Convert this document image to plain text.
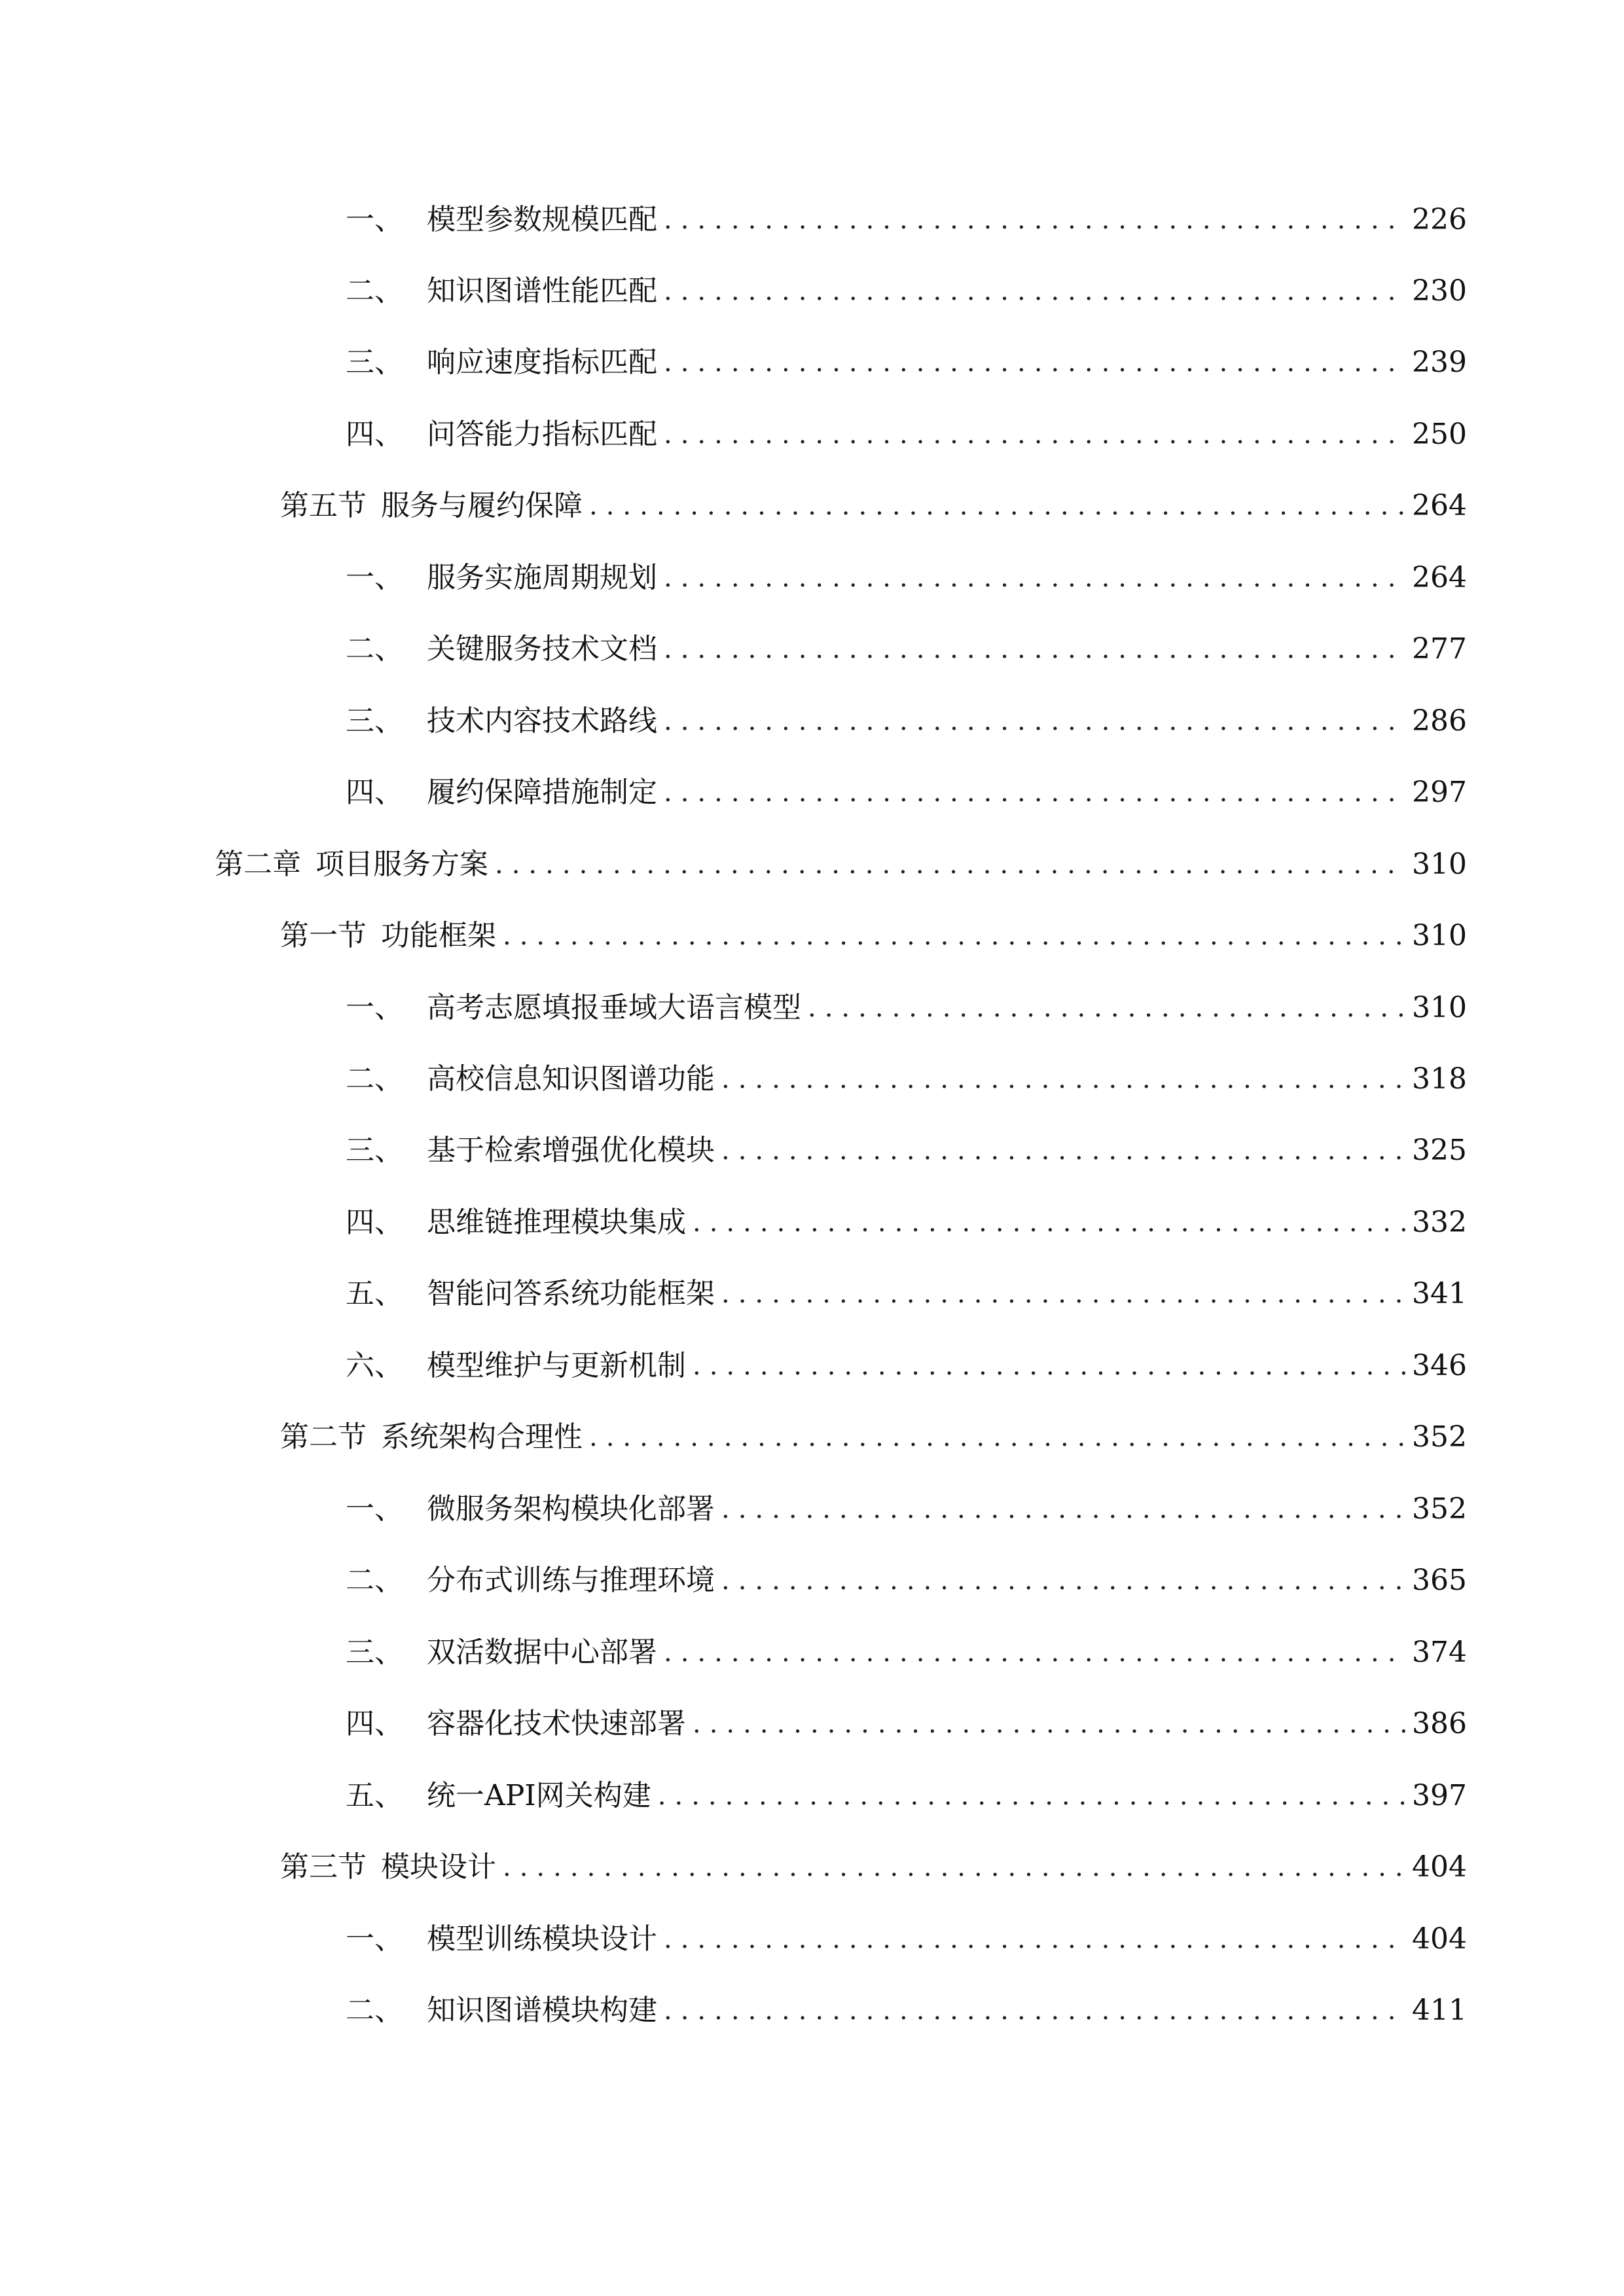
一、 模型参数规模匹配 .....	226
二、 知识图谱性能匹配 .....	230
三、 响应速度指标匹配 .....	239
四、 问答能力指标匹配 .....	250
第五节 服务与履约保障 .....	264
一、 服务实施周期规划 .....	264
二、 关键服务技术文档 .....	277
三、 技术内容技术路线 .....	286
四、 履约保障措施制定 .....	297
第二章 项目服务方案 .....	310
第一节 功能框架 .....	310
一、 高考志愿填报垂域大语言模型 .....	310
二、 高校信息知识图谱功能 .....	318
三、 基于检索增强优化模块 .....	325
四、 思维链推理模块集成 .....	332
五、 智能问答系统功能框架 .....	341
六、 模型维护与更新机制 .....	346
第二节 系统架构合理性 .....	352
一、 微服务架构模块化部署 .....	352
二、 分布式训练与推理环境 .....	365
三、 双活数据中心部署 .....	374
四、 容器化技术快速部署 .....	386
五、 统一API网关构建 .....	397
第三节 模块设计 .....	404
一、 模型训练模块设计 .....	404
二、 知识图谱模块构建 .....	411
